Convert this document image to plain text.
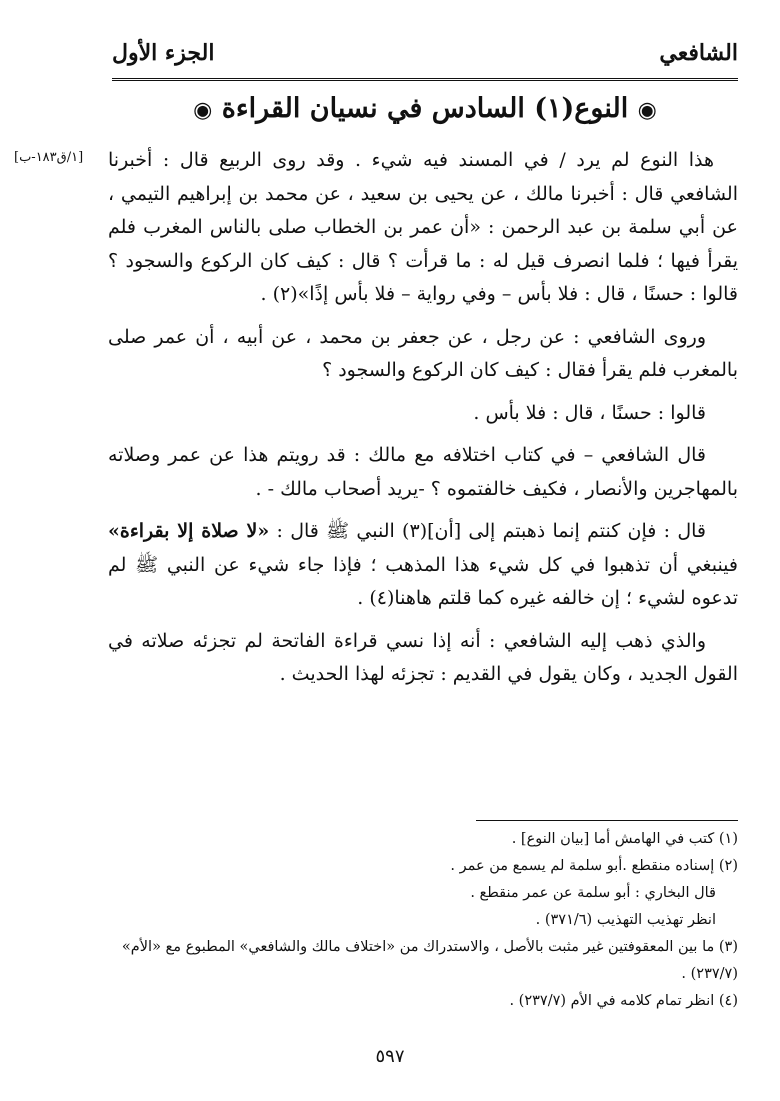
الشافعي
الجزء الأول
◉ النوع(١) السادس في نسيان القراءة ◉
[١/ق١٨٣-ب] هذا النوع لم يرد / في المسند فيه شيء . وقد روى الربيع قال : أخبرنا الشافعي قال : أخبرنا مالك ، عن يحيى بن سعيد ، عن محمد بن إبراهيم التيمي ، عن أبي سلمة بن عبد الرحمن : «أن عمر بن الخطاب صلى بالناس المغرب فلم يقرأ فيها ؛ فلما انصرف قيل له : ما قرأت ؟ قال : كيف كان الركوع والسجود ؟ قالوا : حسنًا ، قال : فلا بأس – وفي رواية – فلا بأس إذًا»(٢) .

وروى الشافعي : عن رجل ، عن جعفر بن محمد ، عن أبيه ، أن عمر صلى بالمغرب فلم يقرأ فقال : كيف كان الركوع والسجود ؟

قالوا : حسنًا ، قال : فلا بأس .

قال الشافعي – في كتاب اختلافه مع مالك : قد رويتم هذا عن عمر وصلاته بالمهاجرين والأنصار ، فكيف خالفتموه ؟ -يريد أصحاب مالك - .

قال : فإن كنتم إنما ذهبتم إلى [أن](٣) النبي ﷺ قال : «لا صلاة إلا بقراءة» فينبغي أن تذهبوا في كل شيء هذا المذهب ؛ فإذا جاء شيء عن النبي ﷺ لم تدعوه لشيء ؛ إن خالفه غيره كما قلتم هاهنا(٤) .

والذي ذهب إليه الشافعي : أنه إذا نسي قراءة الفاتحة لم تجزئه صلاته في القول الجديد ، وكان يقول في القديم : تجزئه لهذا الحديث .

(١) كتب في الهامش أما [بيان النوع] .
(٢) إسناده منقطع .أبو سلمة لم يسمع من عمر .
قال البخاري : أبو سلمة عن عمر منقطع .
انظر تهذيب التهذيب (٣٧١/٦) .
(٣) ما بين المعقوفتين غير مثبت بالأصل ، والاستدراك من «اختلاف مالك والشافعي» المطبوع مع «الأم» (٢٣٧/٧) .
(٤) انظر تمام كلامه في الأم (٢٣٧/٧) .
٥٩٧
